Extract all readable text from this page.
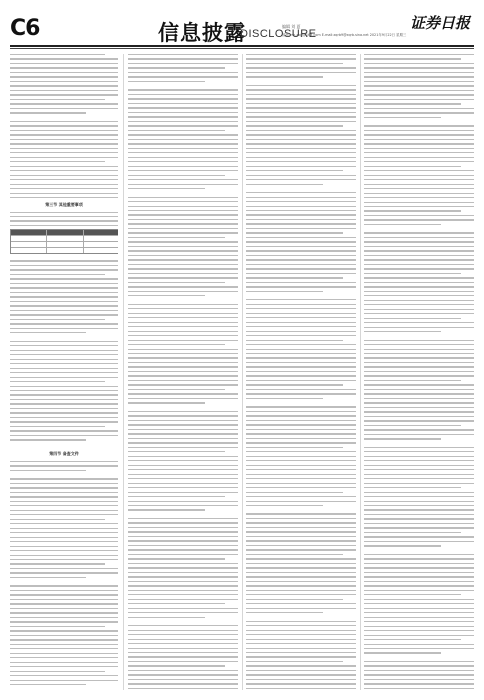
C6	信息披露
DISCLOSURE
编辑 刘 夏	证券日报
邮箱 zrb-zbjf@163.com E-mail:zqrb9@zqrb.sina.net 2021年9月22日 星期三
第三节 其他重要事项
第四节 备查文件
